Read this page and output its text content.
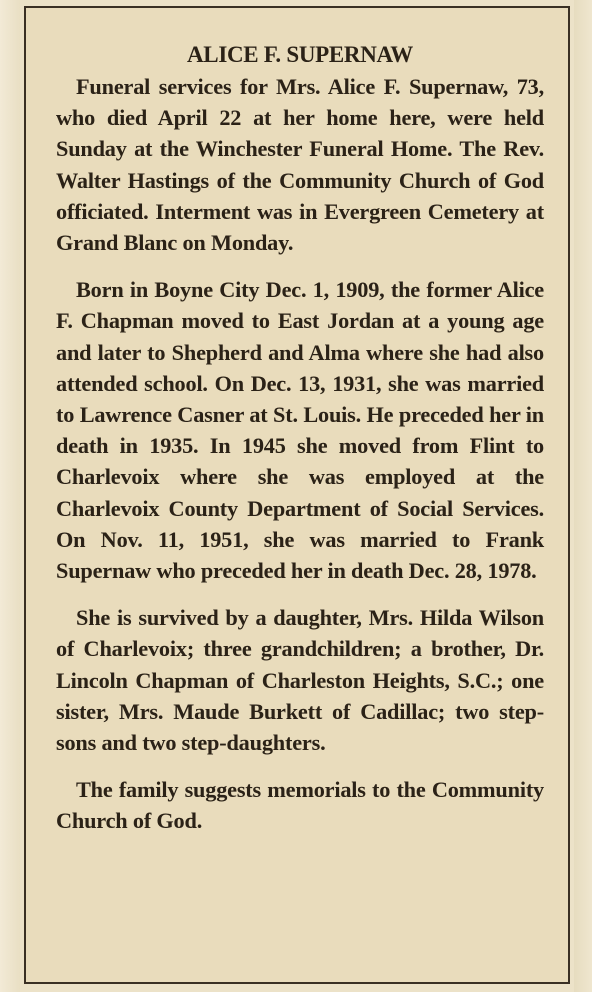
ALICE F. SUPERNAW

Funeral services for Mrs. Alice F. Supernaw, 73, who died April 22 at her home here, were held Sunday at the Winchester Funeral Home. The Rev. Walter Hastings of the Community Church of God officiated. Interment was in Evergreen Cemetery at Grand Blanc on Monday.

Born in Boyne City Dec. 1, 1909, the former Alice F. Chapman moved to East Jordan at a young age and later to Shepherd and Alma where she had also attended school. On Dec. 13, 1931, she was married to Lawrence Casner at St. Louis. He preceded her in death in 1935. In 1945 she moved from Flint to Charlevoix where she was employed at the Charlevoix County Department of Social Services. On Nov. 11, 1951, she was married to Frank Supernaw who preceded her in death Dec. 28, 1978.

She is survived by a daughter, Mrs. Hilda Wilson of Charlevoix; three grandchildren; a brother, Dr. Lincoln Chapman of Charleston Heights, S.C.; one sister, Mrs. Maude Burkett of Cadillac; two step-sons and two step-daughters.

The family suggests memorials to the Community Church of God.
